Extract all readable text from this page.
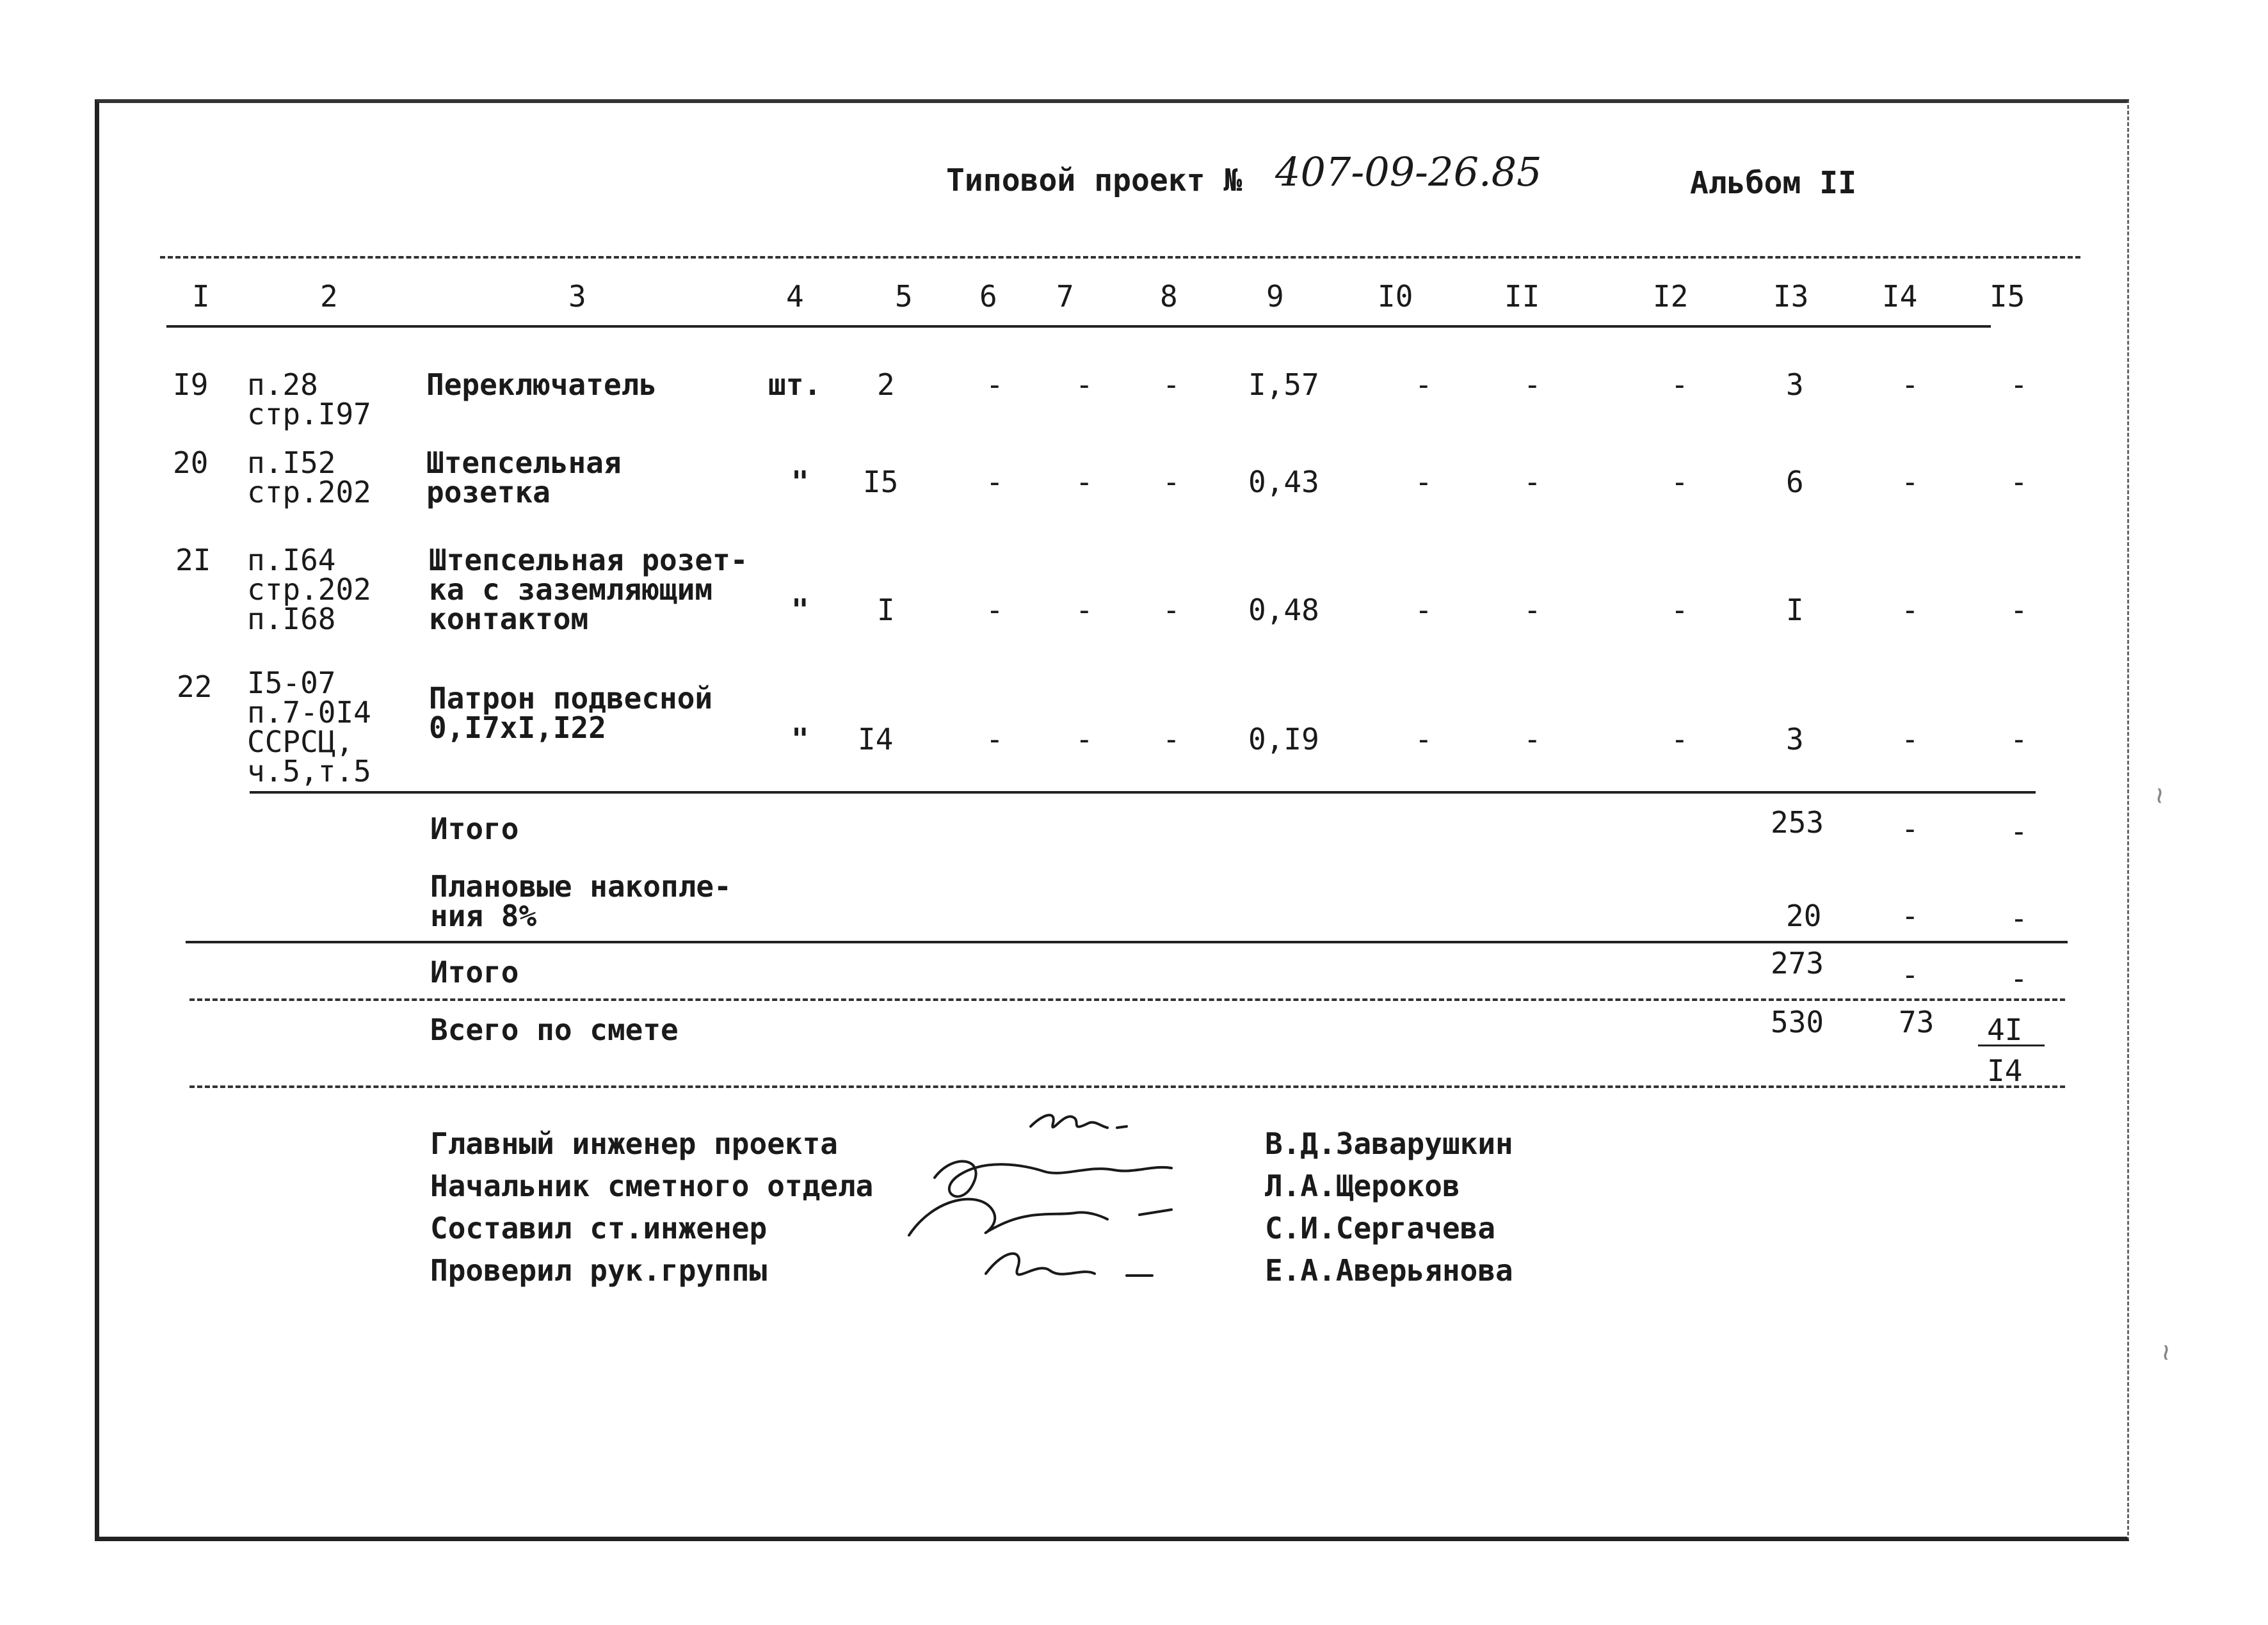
Типовой проект № 407-09-26.85	Альбом II
I	2	3	4	5 6 7	8	9	I0	II	I2	I3 I4 I5
I9 п.28
стр.I97
Переключатель	шт. 2	- - - I,57	-	-	-	3	-	-
20 п.I52
стр.202
Штепсельная
розетка	" I5	- - - 0,43	-	-	-	6	-	-
2I п.I64
стр.202
п.I68
Штепсельная розет-
ка с заземляющим
контактом	" I	- - - 0,48	-	-	-	I	-	-
22 I5-07
п.7-0I4
ССРСЦ,
ч.5,т.5
Патрон подвесной
0,I7xI,I22	" I4	- - - 0,I9	-	-	-	3	-	-
Итого	253	-	-
Плановые накопле-
ния 8%	20	-	-
Итого	273	-	-
Всего по смете	530	73 4I
I4
Главный инженер проекта	В.Д.Заварушкин
Начальник сметного отдела	Л.А.Щероков
Составил ст.инженер	С.И.Сергачева
Проверил рук.группы	Е.А.Аверьянова
~
~
